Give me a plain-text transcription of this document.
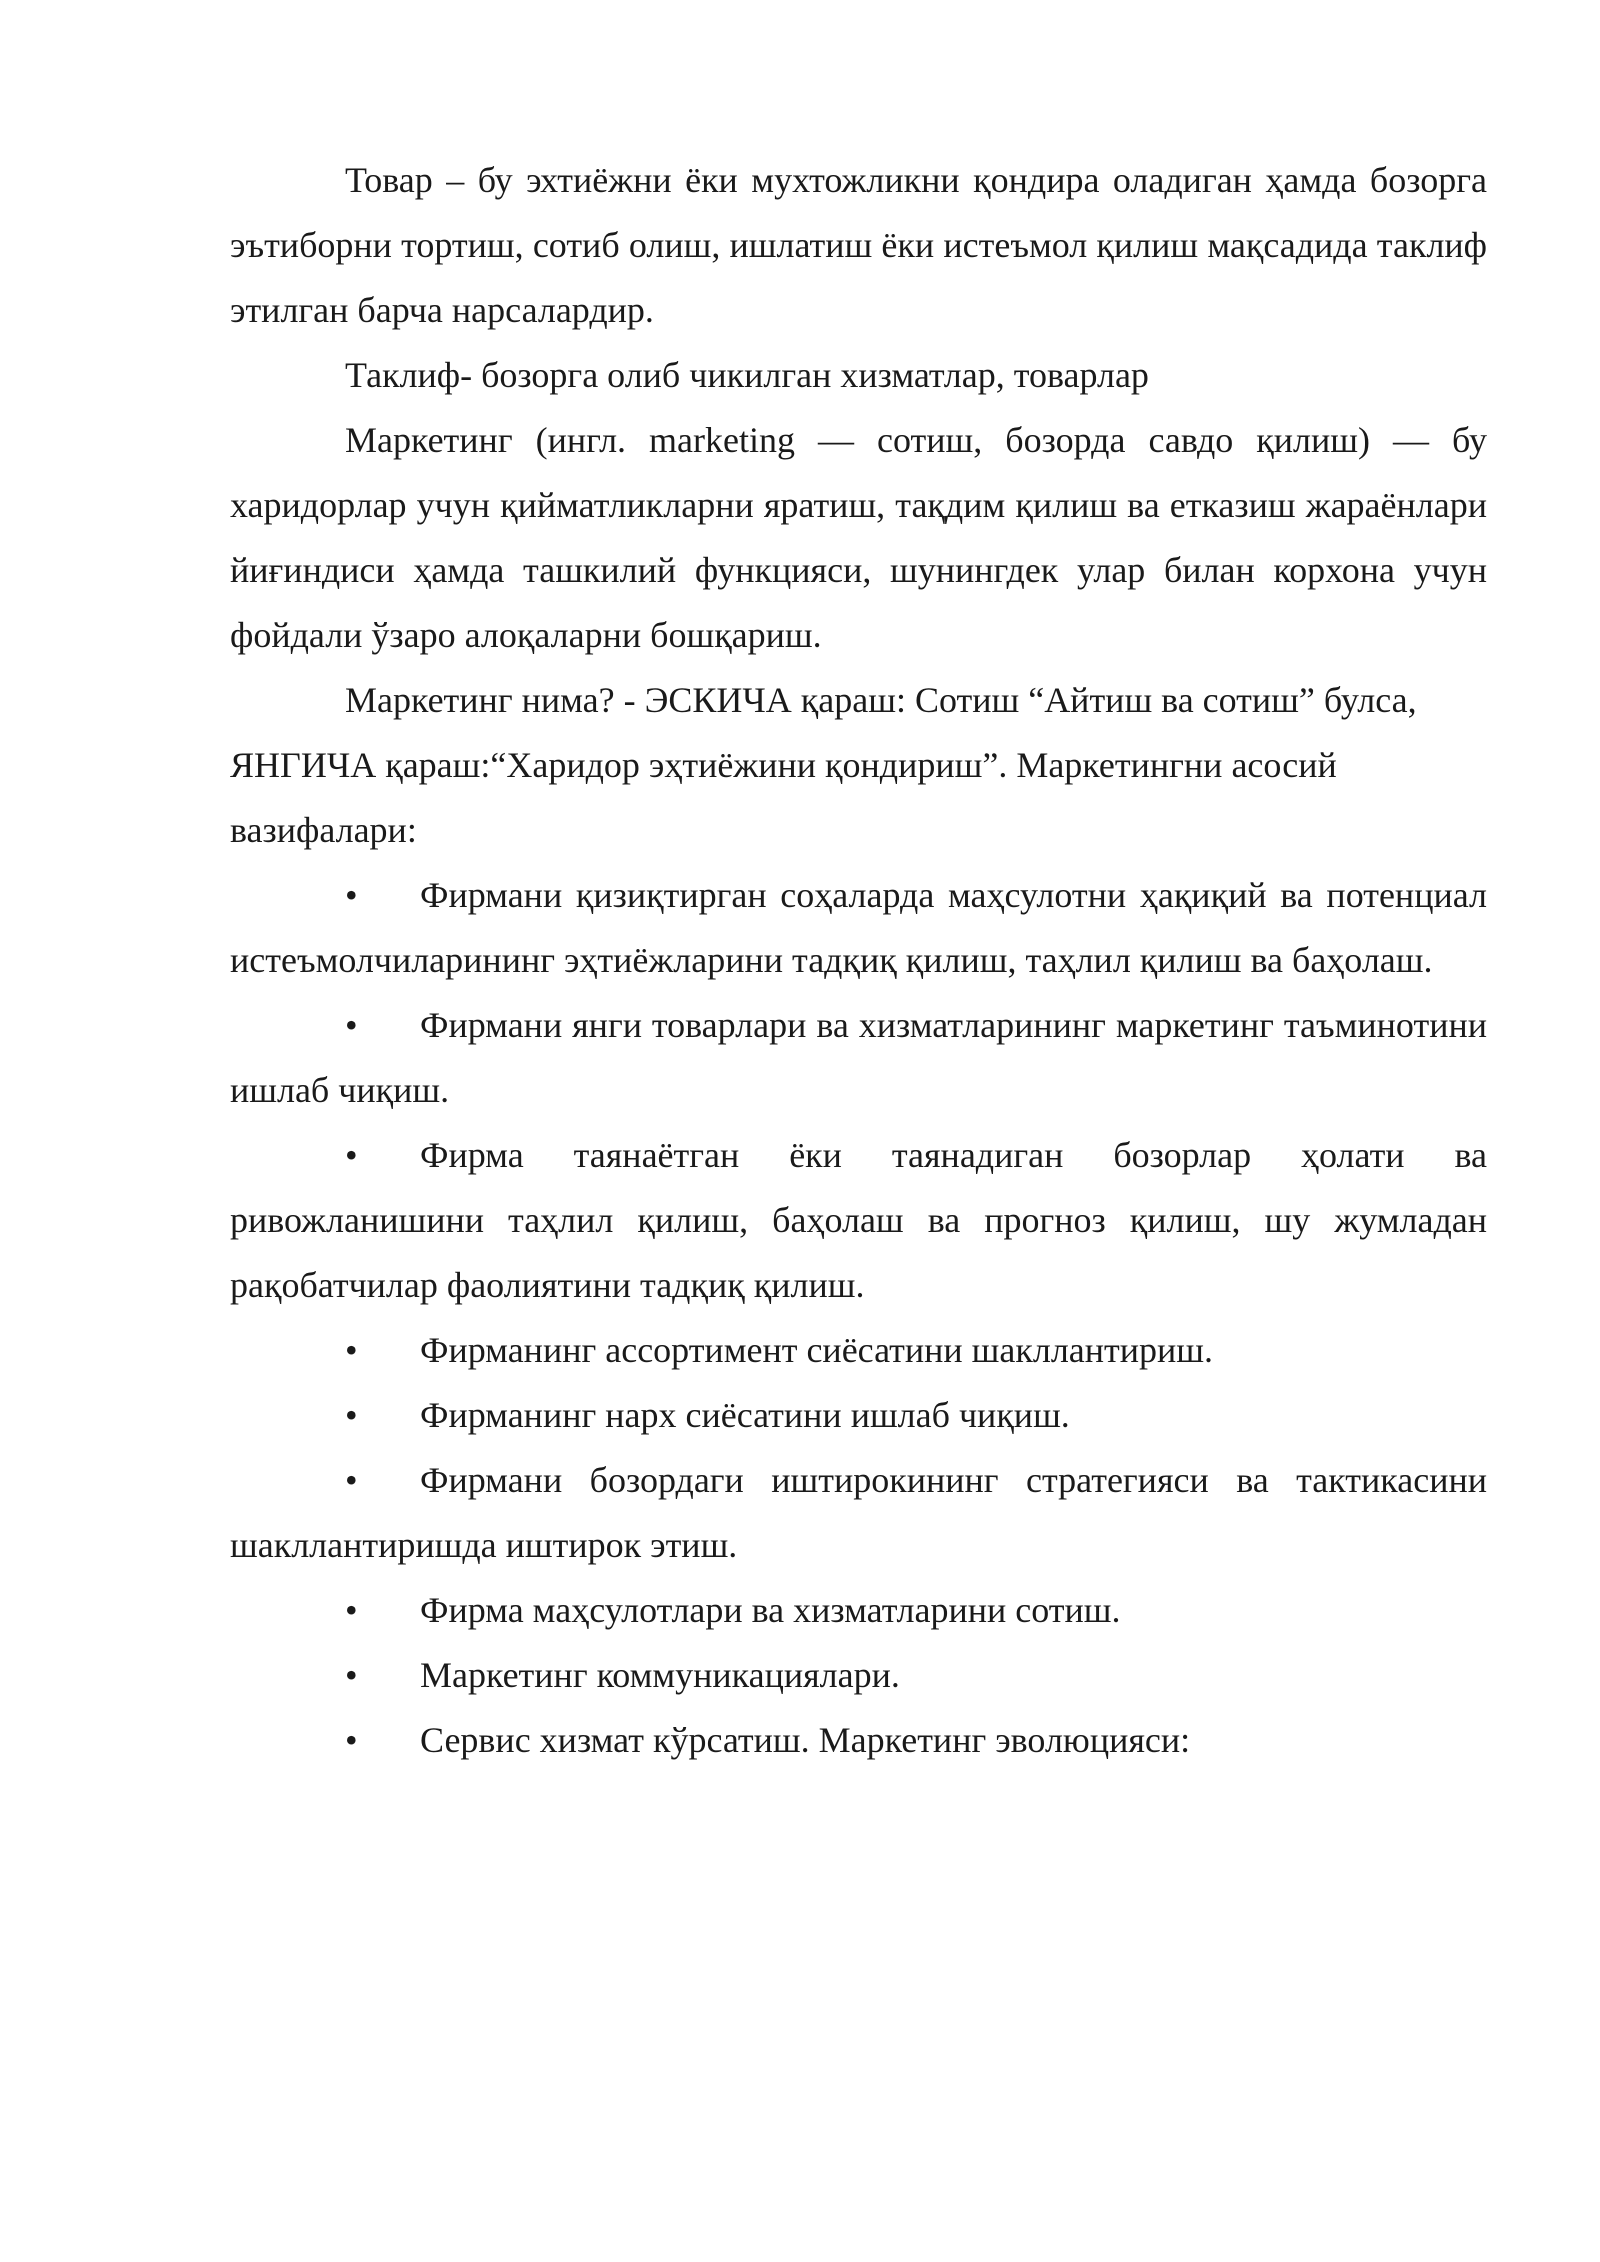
Товар – бу эхтиёжни ёки мухтожликни қондира оладиган ҳамда бозорга эътиборни тортиш, сотиб олиш, ишлатиш ёки истеъмол қилиш мақсадида таклиф этилган барча нарсалардир.

Таклиф- бозорга олиб чикилган хизматлар, товарлар

Маркетинг (ингл. marketing — сотиш, бозорда савдо қилиш) — бу харидорлар учун қийматликларни яратиш, тақдим қилиш ва етказиш жараёнлари йиғиндиси ҳамда ташкилий функцияси, шунингдек улар билан корхона учун фойдали ўзаро алоқаларни бошқариш.

Маркетинг нима? - ЭСКИЧА қараш: Сотиш “Айтиш ва сотиш” булса, ЯНГИЧА қараш:“Харидор эҳтиёжини қондириш”. Маркетингни асосий вазифалари:

• Фирмани қизиқтирган соҳаларда маҳсулотни ҳақиқий ва потенциал истеъмолчиларининг эҳтиёжларини тадқиқ қилиш, таҳлил қилиш ва баҳолаш.

• Фирмани янги товарлари ва хизматларининг маркетинг таъминотини ишлаб чиқиш.

• Фирма таянаётган ёки таянадиган бозорлар ҳолати ва ривожланишини таҳлил қилиш, баҳолаш ва прогноз қилиш, шу жумладан рақобатчилар фаолиятини тадқиқ қилиш.

• Фирманинг ассортимент сиёсатини шакллантириш.

• Фирманинг нарх сиёсатини ишлаб чиқиш.

• Фирмани бозордаги иштирокининг стратегияси ва тактикасини шакллантиришда иштирок этиш.

• Фирма маҳсулотлари ва хизматларини сотиш.

• Маркетинг коммуникациялари.

• Сервис хизмат кўрсатиш. Маркетинг эволюцияси:
